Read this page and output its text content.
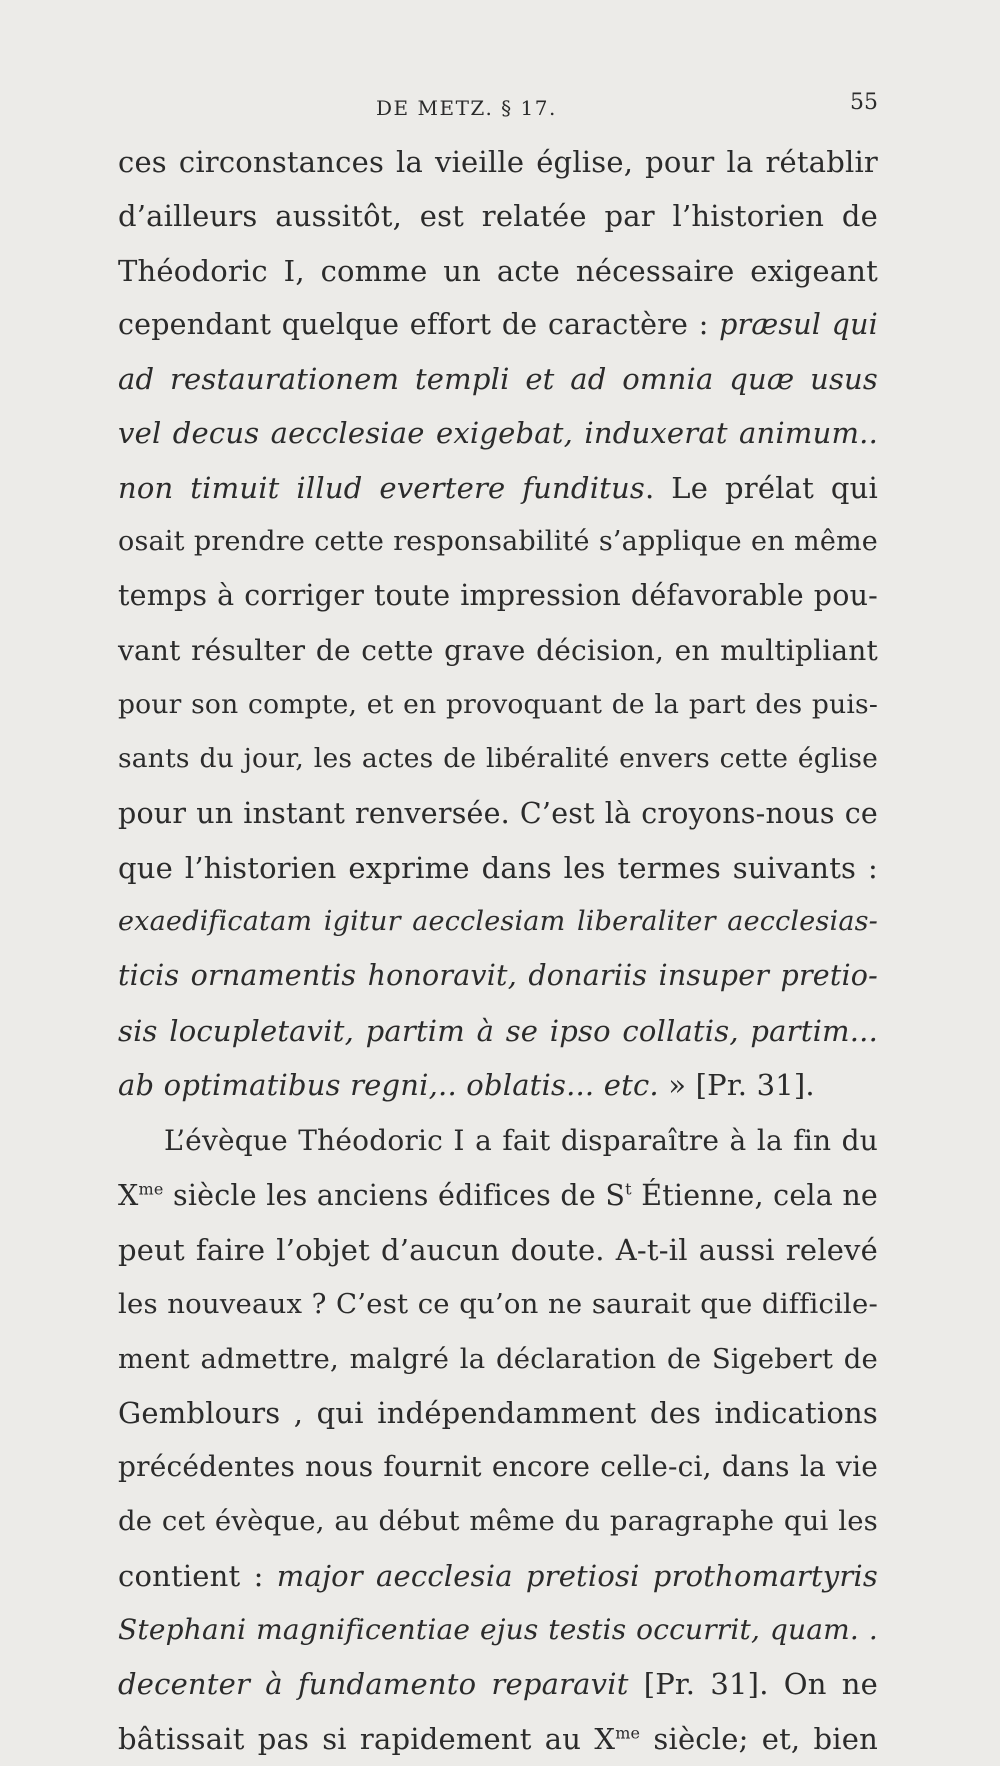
DE METZ. § 17.	55
ces circonstances la vieille église, pour la rétablir
d’ailleurs aussitôt, est relatée par l’historien de
Théodoric I, comme un acte nécessaire exigeant
cependant quelque effort de caractère : præsul qui
ad restaurationem templi et ad omnia quæ usus
vel decus aecclesiae exigebat, induxerat animum..
non timuit illud evertere funditus. Le prélat qui
osait prendre cette responsabilité s’applique en même
temps à corriger toute impression défavorable pou-
vant résulter de cette grave décision, en multipliant
pour son compte, et en provoquant de la part des puis-
sants du jour, les actes de libéralité envers cette église
pour un instant renversée. C’est là croyons-nous ce
que l’historien exprime dans les termes suivants :
exaedificatam igitur aecclesiam liberaliter aecclesias-
ticis ornamentis honoravit, donariis insuper pretio-
sis locupletavit, partim à se ipso collatis, partim...
ab optimatibus regni,.. oblatis... etc. » [Pr. 31].
L’évèque Théodoric I a fait disparaître à la fin du
$X^{me}$ siècle les anciens édifices de $S^t$ Étienne, cela ne
peut faire l’objet d’aucun doute. A-t-il aussi relevé
les nouveaux ? C’est ce qu’on ne saurait que difficile-
ment admettre, malgré la déclaration de Sigebert de
Gemblours , qui indépendamment des indications
précédentes nous fournit encore celle-ci, dans la vie
de cet évèque, au début même du paragraphe qui les
contient : major aecclesia pretiosi prothomartyris
Stephani magnificentiae ejus testis occurrit, quam. .
decenter à fundamento reparavit [Pr. 31]. On ne
bâtissait pas si rapidement au $X^{me}$ siècle; et, bien
